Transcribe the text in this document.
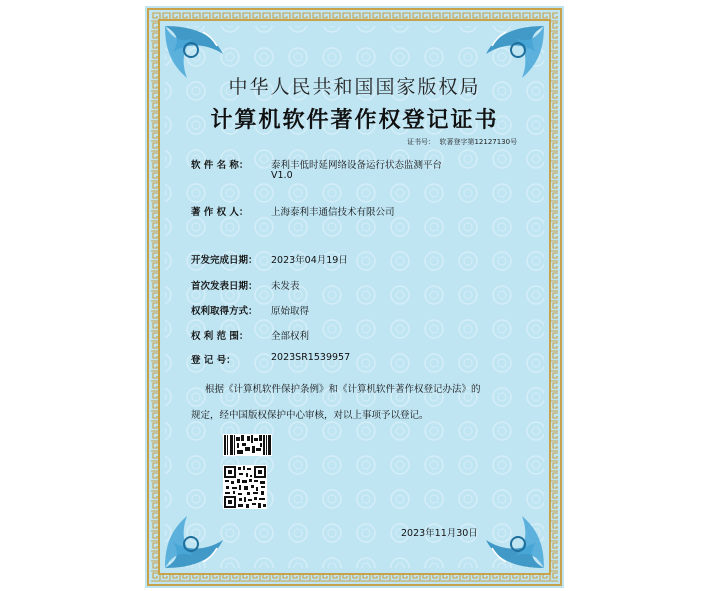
中华人民共和国国家版权局
计算机软件著作权登记证书
证书号： 软著登字第12127130号
软 件 名 称： 泰利丰低时延网络设备运行状态监测平台
V1.0
著 作 权 人： 上海泰利丰通信技术有限公司
开发完成日期： 2023年04月19日
首次发表日期： 未发表
权利取得方式： 原始取得
权 利 范 围： 全部权利
登 记 号：	2023SR1539957
根据《计算机软件保护条例》和《计算机软件著作权登记办法》的
规定，经中国版权保护中心审核，对以上事项予以登记。
2023年11月30日
